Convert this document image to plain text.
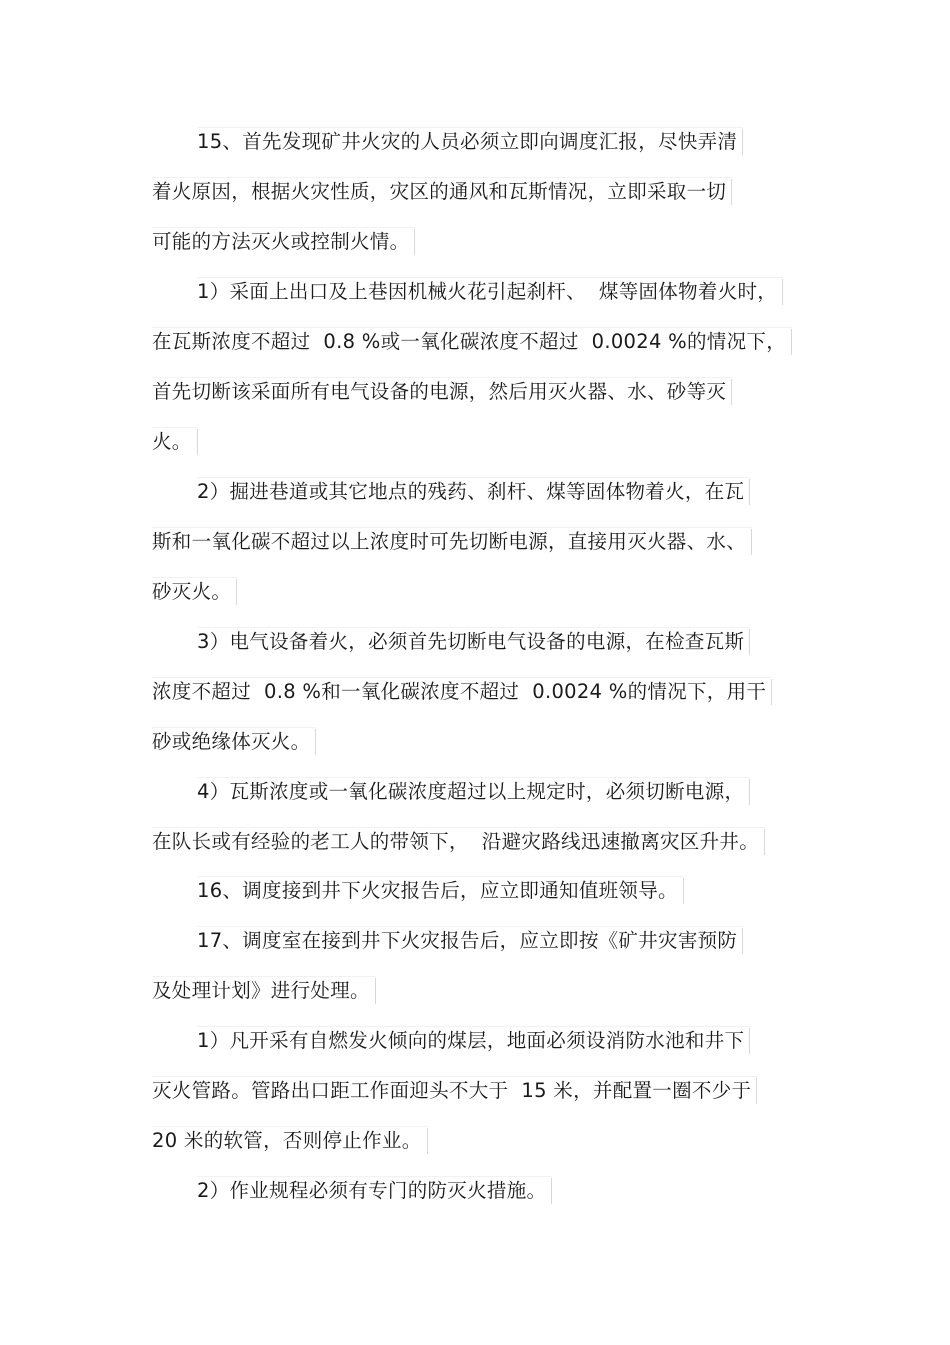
15、首先发现矿井火灾的人员必须立即向调度汇报，尽快弄清
着火原因，根据火灾性质，灾区的通风和瓦斯情况，立即采取一切
可能的方法灭火或控制火情。
1）采面上出口及上巷因机械火花引起刹杆、  煤等固体物着火时，
在瓦斯浓度不超过  0.8 %或一氧化碳浓度不超过  0.0024 %的情况下，
首先切断该采面所有电气设备的电源，然后用灭火器、水、砂等灭
火。
2）掘进巷道或其它地点的残药、刹杆、煤等固体物着火，在瓦
斯和一氧化碳不超过以上浓度时可先切断电源，直接用灭火器、水、
砂灭火。
3）电气设备着火，必须首先切断电气设备的电源，在检查瓦斯
浓度不超过  0.8 %和一氧化碳浓度不超过  0.0024 %的情况下，用干
砂或绝缘体灭火。
4）瓦斯浓度或一氧化碳浓度超过以上规定时，必须切断电源，
在队长或有经验的老工人的带领下，  沿避灾路线迅速撤离灾区升井。
16、调度接到井下火灾报告后，应立即通知值班领导。
17、调度室在接到井下火灾报告后，应立即按《矿井灾害预防
及处理计划》进行处理。
1）凡开采有自燃发火倾向的煤层，地面必须设消防水池和井下
灭火管路。管路出口距工作面迎头不大于  15 米，并配置一圈不少于
20 米的软管，否则停止作业。
2）作业规程必须有专门的防灭火措施。
